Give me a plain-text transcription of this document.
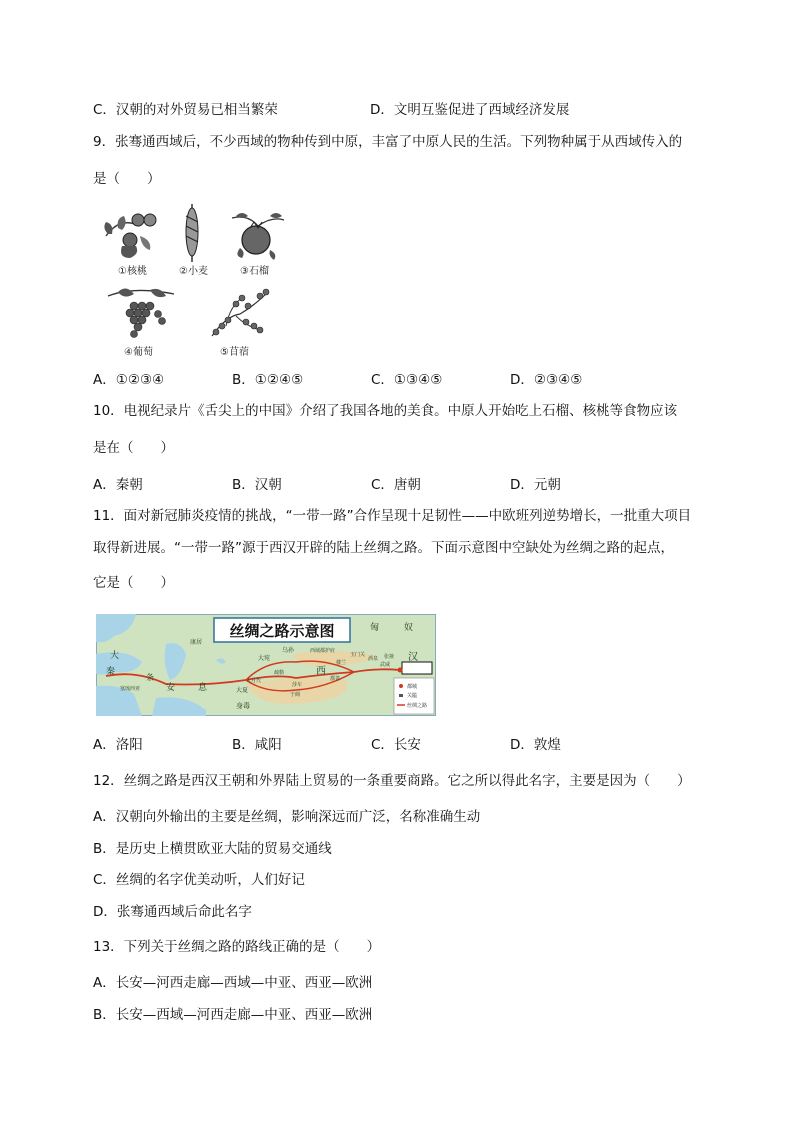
C．汉朝的对外贸易已相当繁荣	D．文明互鉴促进了西域经济发展
9．张骞通西域后，不少西域的物种传到中原，丰富了中原人民的生活。下列物种属于从西域传入的
是（　　）
①核桃	②小麦	③石榴
④葡萄	⑤苜蓿
A．①②③④	B．①②④⑤	C．①③④⑤	D．②③④⑤
10．电视纪录片《舌尖上的中国》介绍了我国各地的美食。中原人开始吃上石榴、核桃等食物应该
是在（　　）
A．秦朝	B．汉朝	C．唐朝	D．元朝
11．面对新冠肺炎疫情的挑战，“一带一路”合作呈现十足韧性——中欧班列逆势增长，一批重大项目
取得新进展。“一带一路”源于西汉开辟的陆上丝绸之路。下面示意图中空缺处为丝绸之路的起点，
它是（　　）
丝绸之路示意图
都城
关隘
丝绸之路
匈	奴
大
秦
条
安	息	大夏
身毒
大宛
乌孙	西域都护府
楼兰
玉门关
酒泉 张掖
武威
于阗
莎车
疏勒
鄯善
西
汉
康居
塞琉西亚
大月氏
A．洛阳	B．咸阳	C．长安	D．敦煌
12．丝绸之路是西汉王朝和外界陆上贸易的一条重要商路。它之所以得此名字，主要是因为（　　）
A．汉朝向外输出的主要是丝绸，影响深远而广泛，名称准确生动
B．是历史上横贯欧亚大陆的贸易交通线
C．丝绸的名字优美动听，人们好记
D．张骞通西域后命此名字
13．下列关于丝绸之路的路线正确的是（　　）
A．长安—河西走廊—西域—中亚、西亚—欧洲
B．长安—西域—河西走廊—中亚、西亚—欧洲
